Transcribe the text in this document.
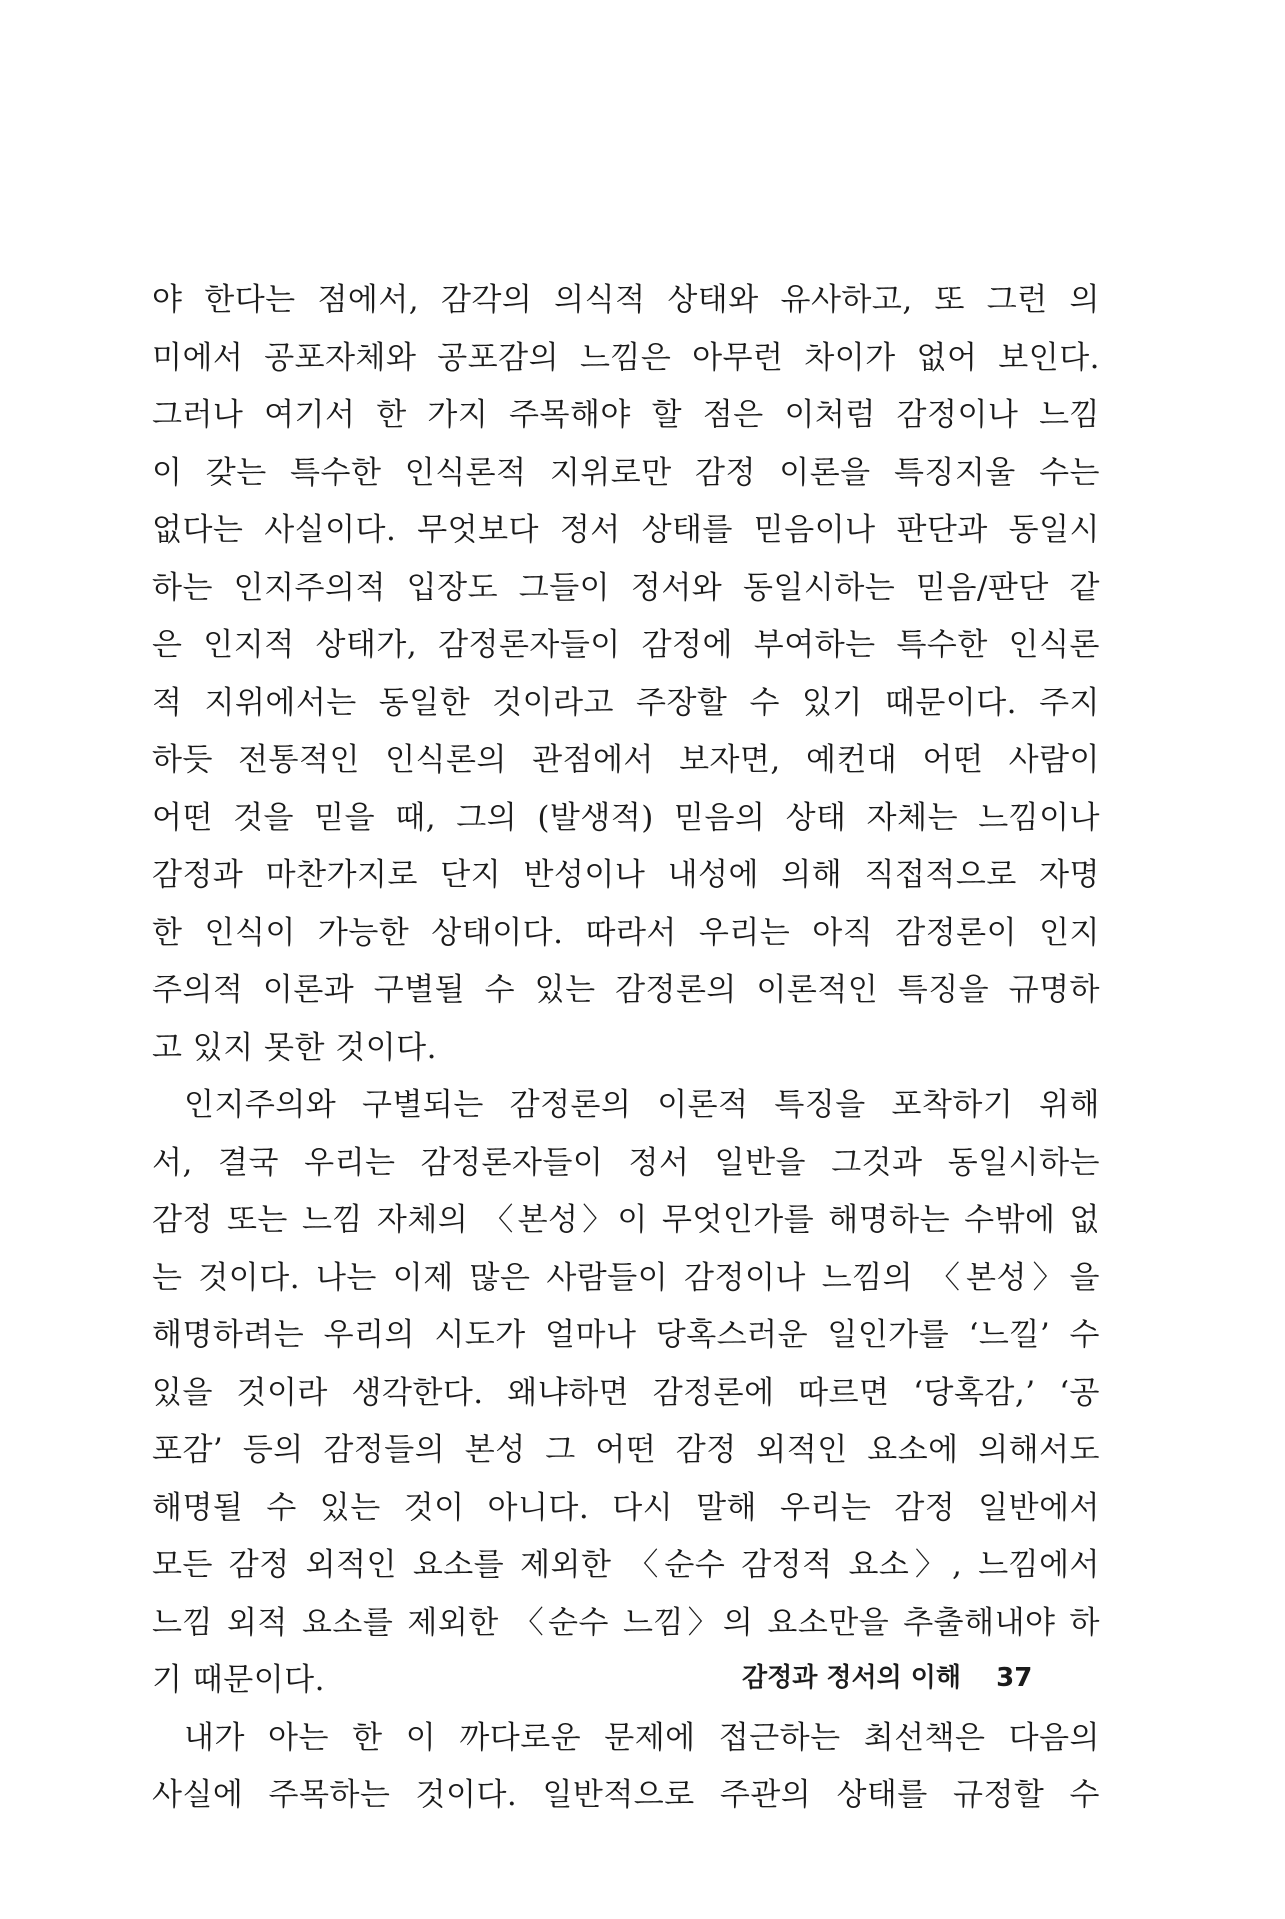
야 한다는 점에서, 감각의 의식적 상태와 유사하고, 또 그런 의
미에서 공포자체와 공포감의 느낌은 아무런 차이가 없어 보인다.
그러나 여기서 한 가지 주목해야 할 점은 이처럼 감정이나 느낌
이 갖는 특수한 인식론적 지위로만 감정 이론을 특징지울 수는
없다는 사실이다. 무엇보다 정서 상태를 믿음이나 판단과 동일시
하는 인지주의적 입장도 그들이 정서와 동일시하는 믿음/판단 같
은 인지적 상태가, 감정론자들이 감정에 부여하는 특수한 인식론
적 지위에서는 동일한 것이라고 주장할 수 있기 때문이다. 주지
하듯 전통적인 인식론의 관점에서 보자면, 예컨대 어떤 사람이
어떤 것을 믿을 때, 그의 (발생적) 믿음의 상태 자체는 느낌이나
감정과 마찬가지로 단지 반성이나 내성에 의해 직접적으로 자명
한 인식이 가능한 상태이다. 따라서 우리는 아직 감정론이 인지
주의적 이론과 구별될 수 있는 감정론의 이론적인 특징을 규명하
고 있지 못한 것이다.
인지주의와 구별되는 감정론의 이론적 특징을 포착하기 위해
서, 결국 우리는 감정론자들이 정서 일반을 그것과 동일시하는
감정 또는 느낌 자체의 〈본성〉이 무엇인가를 해명하는 수밖에 없
는 것이다. 나는 이제 많은 사람들이 감정이나 느낌의 〈본성〉을
해명하려는 우리의 시도가 얼마나 당혹스러운 일인가를 ‘느낄’ 수
있을 것이라 생각한다. 왜냐하면 감정론에 따르면 ‘당혹감,’ ‘공
포감’ 등의 감정들의 본성 그 어떤 감정 외적인 요소에 의해서도
해명될 수 있는 것이 아니다. 다시 말해 우리는 감정 일반에서
모든 감정 외적인 요소를 제외한 〈순수 감정적 요소〉, 느낌에서
느낌 외적 요소를 제외한 〈순수 느낌〉의 요소만을 추출해내야 하
기 때문이다.
내가 아는 한 이 까다로운 문제에 접근하는 최선책은 다음의
사실에 주목하는 것이다. 일반적으로 주관의 상태를 규정할 수
감정과 정서의 이해 37
